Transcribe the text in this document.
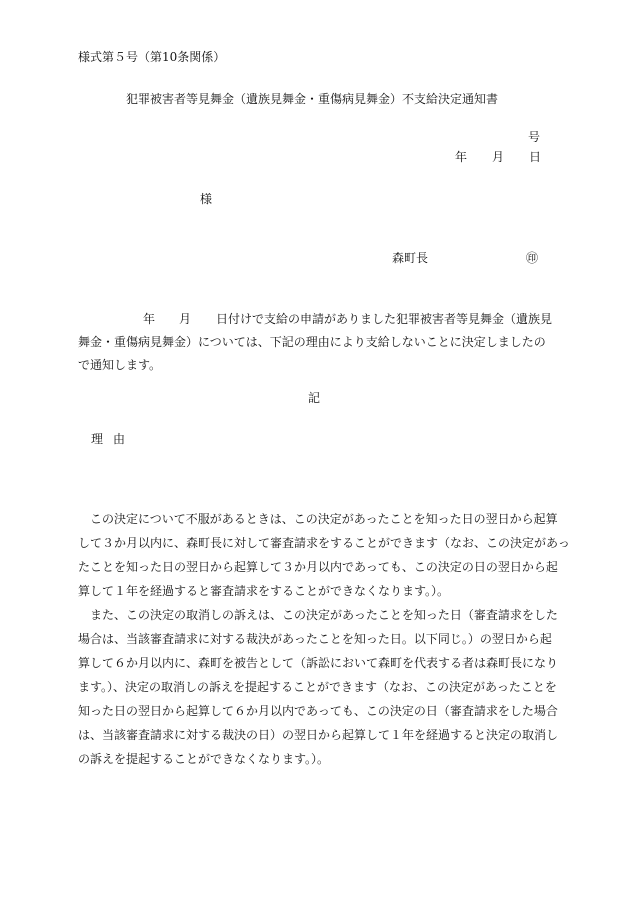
様式第５号（第10条関係）
犯罪被害者等見舞金（遺族見舞金・重傷病見舞金）不支給決定通知書
号
年 月 日
様
森町長	㊞
年 月 日付けで支給の申請がありました犯罪被害者等見舞金（遺族見
舞金・重傷病見舞金）については、下記の理由により支給しないことに決定しましたの
で通知します。
記
理由
　この決定について不服があるときは、この決定があったことを知った日の翌日から起算
して３か月以内に、森町長に対して審査請求をすることができます（なお、この決定があっ
たことを知った日の翌日から起算して３か月以内であっても、この決定の日の翌日から起
算して１年を経過すると審査請求をすることができなくなります。）。
　また、この決定の取消しの訴えは、この決定があったことを知った日（審査請求をした
場合は、当該審査請求に対する裁決があったことを知った日。以下同じ。）の翌日から起
算して６か月以内に、森町を被告として（訴訟において森町を代表する者は森町長になり
ます。）、決定の取消しの訴えを提起することができます（なお、この決定があったことを
知った日の翌日から起算して６か月以内であっても、この決定の日（審査請求をした場合
は、当該審査請求に対する裁決の日）の翌日から起算して１年を経過すると決定の取消し
の訴えを提起することができなくなります。）。
